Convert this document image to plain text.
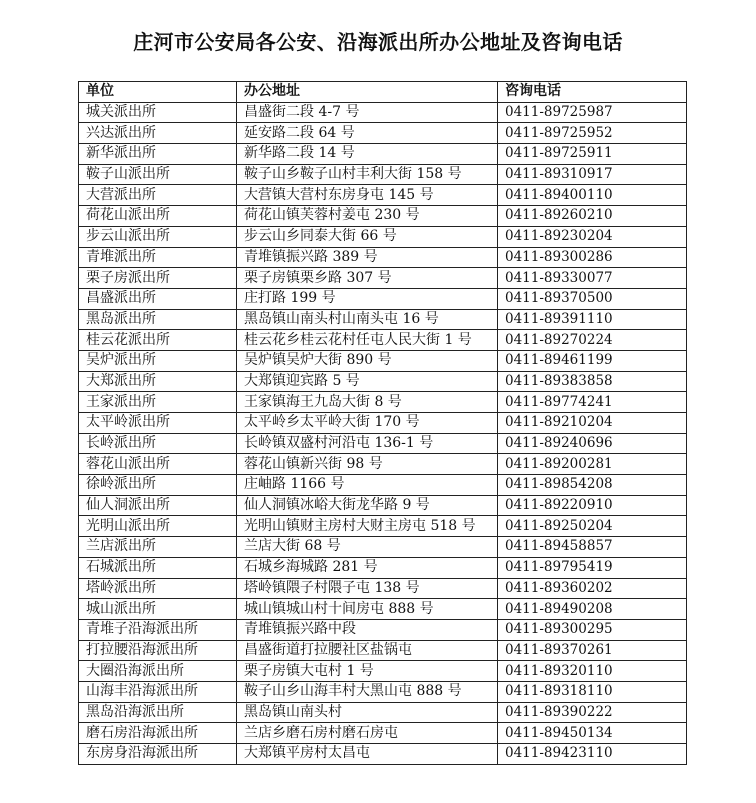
庄河市公安局各公安、沿海派出所办公地址及咨询电话
单位	办公地址	咨询电话
城关派出所	昌盛街二段 4-7 号	0411-89725987
兴达派出所	延安路二段 64 号	0411-89725952
新华派出所	新华路二段 14 号	0411-89725911
鞍子山派出所	鞍子山乡鞍子山村丰利大街 158 号	0411-89310917
大营派出所	大营镇大营村东房身屯 145 号	0411-89400110
荷花山派出所	荷花山镇芙蓉村姜屯 230 号	0411-89260210
步云山派出所	步云山乡同泰大街 66 号	0411-89230204
青堆派出所	青堆镇振兴路 389 号	0411-89300286
栗子房派出所	栗子房镇栗乡路 307 号	0411-89330077
昌盛派出所	庄打路 199 号	0411-89370500
黑岛派出所	黑岛镇山南头村山南头屯 16 号	0411-89391110
桂云花派出所	桂云花乡桂云花村任屯人民大街 1 号	0411-89270224
吴炉派出所	吴炉镇吴炉大街 890 号	0411-89461199
大郑派出所	大郑镇迎宾路 5 号	0411-89383858
王家派出所	王家镇海王九岛大街 8 号	0411-89774241
太平岭派出所	太平岭乡太平岭大街 170 号	0411-89210204
长岭派出所	长岭镇双盛村河沿屯 136-1 号	0411-89240696
蓉花山派出所	蓉花山镇新兴街 98 号	0411-89200281
徐岭派出所	庄岫路 1166 号	0411-89854208
仙人洞派出所	仙人洞镇冰峪大街龙华路 9 号	0411-89220910
光明山派出所	光明山镇财主房村大财主房屯 518 号	0411-89250204
兰店派出所	兰店大街 68 号	0411-89458857
石城派出所	石城乡海城路 281 号	0411-89795419
塔岭派出所	塔岭镇隈子村隈子屯 138 号	0411-89360202
城山派出所	城山镇城山村十间房屯 888 号	0411-89490208
青堆子沿海派出所	青堆镇振兴路中段	0411-89300295
打拉腰沿海派出所	昌盛街道打拉腰社区盐锅屯	0411-89370261
大圈沿海派出所	栗子房镇大屯村 1 号	0411-89320110
山海丰沿海派出所	鞍子山乡山海丰村大黑山屯 888 号	0411-89318110
黑岛沿海派出所	黑岛镇山南头村	0411-89390222
磨石房沿海派出所	兰店乡磨石房村磨石房屯	0411-89450134
东房身沿海派出所	大郑镇平房村太昌屯	0411-89423110
